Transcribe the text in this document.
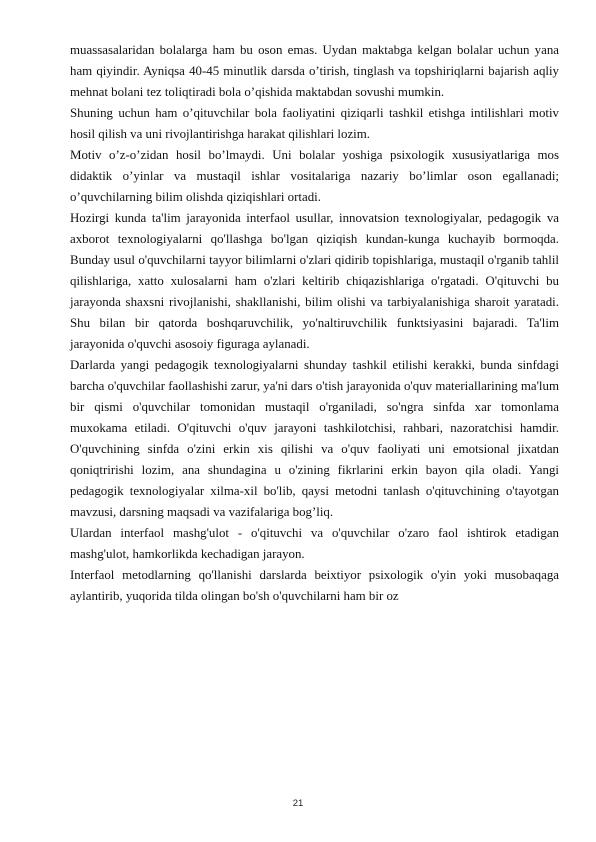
muassasalaridan bolalarga ham bu oson emas. Uydan maktabga kelgan bolalar uchun yana ham qiyindir. Ayniqsa 40-45 minutlik darsda o’tirish, tinglash va topshiriqlarni bajarish aqliy mehnat bolani tez toliqtiradi bola o’qishida maktabdan sovushi mumkin.

Shuning uchun ham o’qituvchilar bola faoliyatini qiziqarli tashkil etishga intilishlari motiv hosil qilish va uni rivojlantirishga harakat qilishlari lozim.

Motiv o’z-o’zidan hosil bo’lmaydi. Uni bolalar yoshiga psixologik xususiyatlariga mos didaktik o’yinlar va mustaqil ishlar vositalariga nazariy bo’limlar oson egallanadi; o’quvchilarning bilim olishda qiziqishlari ortadi.

Hozirgi kunda ta'lim jarayonida interfaol usullar, innovatsion texnologiyalar, pedagogik va axborot texnologiyalarni qo'llashga bo'lgan qiziqish kundan-kunga kuchayib bormoqda. Bunday usul o'quvchilarni tayyor bilimlarni o'zlari qidirib topishlariga, mustaqil o'rganib tahlil qilishlariga, xatto xulosalarni ham o'zlari keltirib chiqazishlariga o'rgatadi. O'qituvchi bu jarayonda shaxsni rivojlanishi, shakllanishi, bilim olishi va tarbiyalanishiga sharoit yaratadi. Shu bilan bir qatorda boshqaruvchilik, yo'naltiruvchilik funktsiyasini bajaradi. Ta'lim jarayonida o'quvchi asosoiy figuraga aylanadi.

Darlarda yangi pedagogik texnologiyalarni shunday tashkil etilishi kerakki, bunda sinfdagi barcha o'quvchilar faollashishi zarur, ya'ni dars o'tish jarayonida o'quv materiallarining ma'lum bir qismi o'quvchilar tomonidan mustaqil o'rganiladi, so'ngra sinfda xar tomonlama muxokama etiladi. O'qituvchi o'quv jarayoni tashkilotchisi, rahbari, nazoratchisi hamdir. O'quvchining sinfda o'zini erkin xis qilishi va o'quv faoliyati uni emotsional jixatdan qoniqtririshi lozim, ana shundagina u o'zining fikrlarini erkin bayon qila oladi. Yangi pedagogik texnologiyalar xilma-xil bo'lib, qaysi metodni tanlash o'qituvchining o'tayotgan mavzusi, darsning maqsadi va vazifalariga bog’liq.

Ulardan interfaol mashg'ulot - o'qituvchi va o'quvchilar o'zaro faol ishtirok etadigan mashg'ulot, hamkorlikda kechadigan jarayon.

Interfaol metodlarning qo'llanishi darslarda beixtiyor psixologik o'yin yoki musobaqaga aylantirib, yuqorida tilda olingan bo'sh o'quvchilarni ham bir oz

21
